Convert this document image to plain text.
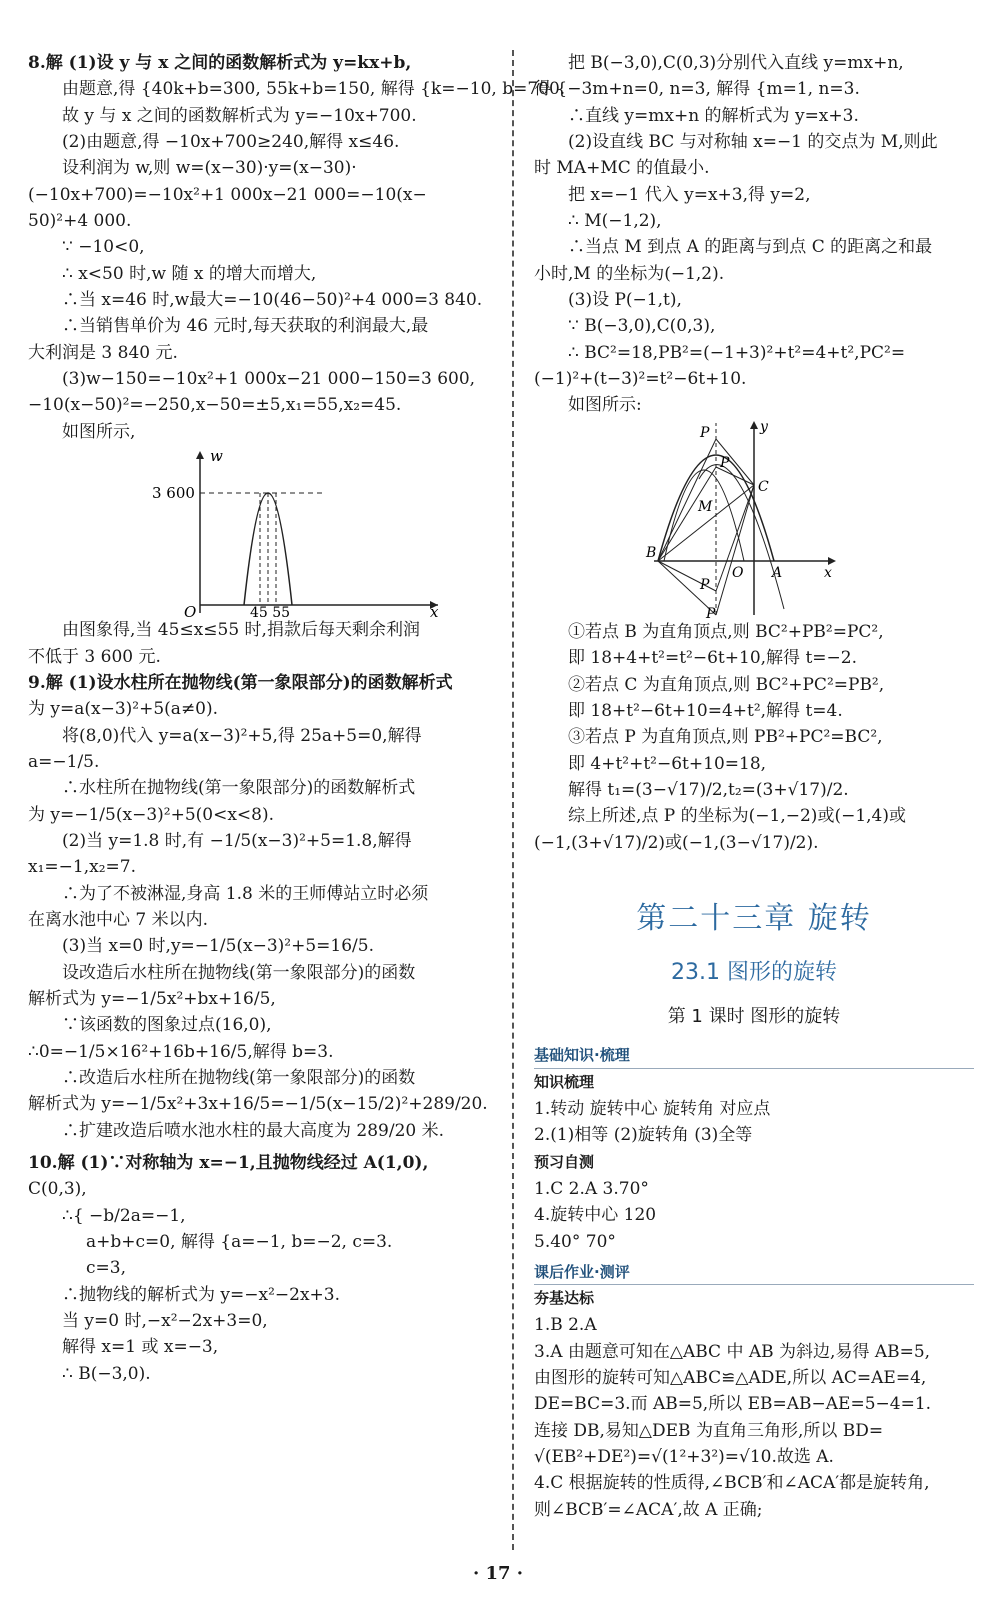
8.解 (1)设 y 与 x 之间的函数解析式为 y=kx+b,

由题意,得 {40k+b=300, 55k+b=150, 解得 {k=−10, b=700.

故 y 与 x 之间的函数解析式为 y=−10x+700.

(2)由题意,得 −10x+700≥240,解得 x≤46.

设利润为 w,则 w=(x−30)·y=(x−30)·

(−10x+700)=−10x²+1 000x−21 000=−10(x−

50)²+4 000.

∵ −10<0,

∴ x<50 时,w 随 x 的增大而增大,

∴当 x=46 时,w最大=−10(46−50)²+4 000=3 840.

∴当销售单价为 46 元时,每天获取的利润最大,最

大利润是 3 840 元.

(3)w−150=−10x²+1 000x−21 000−150=3 600,

−10(x−50)²=−250,x−50=±5,x₁=55,x₂=45.

如图所示,

w
3 600
O	45 55	x

由图象得,当 45≤x≤55 时,捐款后每天剩余利润

不低于 3 600 元.

9.解 (1)设水柱所在抛物线(第一象限部分)的函数解析式

为 y=a(x−3)²+5(a≠0).

将(8,0)代入 y=a(x−3)²+5,得 25a+5=0,解得

a=−1/5.

∴水柱所在抛物线(第一象限部分)的函数解析式

为 y=−1/5(x−3)²+5(0<x<8).

(2)当 y=1.8 时,有 −1/5(x−3)²+5=1.8,解得

x₁=−1,x₂=7.

∴为了不被淋湿,身高 1.8 米的王师傅站立时必须

在离水池中心 7 米以内.

(3)当 x=0 时,y=−1/5(x−3)²+5=16/5.

设改造后水柱所在抛物线(第一象限部分)的函数

解析式为 y=−1/5x²+bx+16/5,

∵该函数的图象过点(16,0),

∴0=−1/5×16²+16b+16/5,解得 b=3.

∴改造后水柱所在抛物线(第一象限部分)的函数

解析式为 y=−1/5x²+3x+16/5=−1/5(x−15/2)²+289/20.

∴扩建改造后喷水池水柱的最大高度为 289/20 米.

10.解 (1)∵对称轴为 x=−1,且抛物线经过 A(1,0),

C(0,3),

∴{ −b/2a=−1,

a+b+c=0, 解得 {a=−1, b=−2, c=3.

c=3,

∴抛物线的解析式为 y=−x²−2x+3.

当 y=0 时,−x²−2x+3=0,

解得 x=1 或 x=−3,

∴ B(−3,0).

把 B(−3,0),C(0,3)分别代入直线 y=mx+n,

得 {−3m+n=0, n=3, 解得 {m=1, n=3.

∴直线 y=mx+n 的解析式为 y=x+3.

(2)设直线 BC 与对称轴 x=−1 的交点为 M,则此

时 MA+MC 的值最小.

把 x=−1 代入 y=x+3,得 y=2,

∴ M(−1,2),

∴当点 M 到点 A 的距离与到点 C 的距离之和最

小时,M 的坐标为(−1,2).

(3)设 P(−1,t),

∵ B(−3,0),C(0,3),

∴ BC²=18,PB²=(−1+3)²+t²=4+t²,PC²=

(−1)²+(t−3)²=t²−6t+10.

如图所示:

P
P
C
M
B
O A
P
P
x
y

①若点 B 为直角顶点,则 BC²+PB²=PC²,

即 18+4+t²=t²−6t+10,解得 t=−2.

②若点 C 为直角顶点,则 BC²+PC²=PB²,

即 18+t²−6t+10=4+t²,解得 t=4.

③若点 P 为直角顶点,则 PB²+PC²=BC²,

即 4+t²+t²−6t+10=18,

解得 t₁=(3−√17)/2,t₂=(3+√17)/2.

综上所述,点 P 的坐标为(−1,−2)或(−1,4)或

(−1,(3+√17)/2)或(−1,(3−√17)/2).

第二十三章 旋转
23.1 图形的旋转
第 1 课时 图形的旋转
基础知识·梳理
知识梳理

1.转动 旋转中心 旋转角 对应点

2.(1)相等 (2)旋转角 (3)全等

预习自测

1.C 2.A 3.70°

4.旋转中心 120

5.40° 70°

课后作业·测评
夯基达标

1.B 2.A

3.A 由题意可知在△ABC 中 AB 为斜边,易得 AB=5,

由图形的旋转可知△ABC≌△ADE,所以 AC=AE=4,

DE=BC=3.而 AB=5,所以 EB=AB−AE=5−4=1.

连接 DB,易知△DEB 为直角三角形,所以 BD=

√(EB²+DE²)=√(1²+3²)=√10.故选 A.

4.C 根据旋转的性质得,∠BCB′和∠ACA′都是旋转角,

则∠BCB′=∠ACA′,故 A 正确;

· 17 ·
